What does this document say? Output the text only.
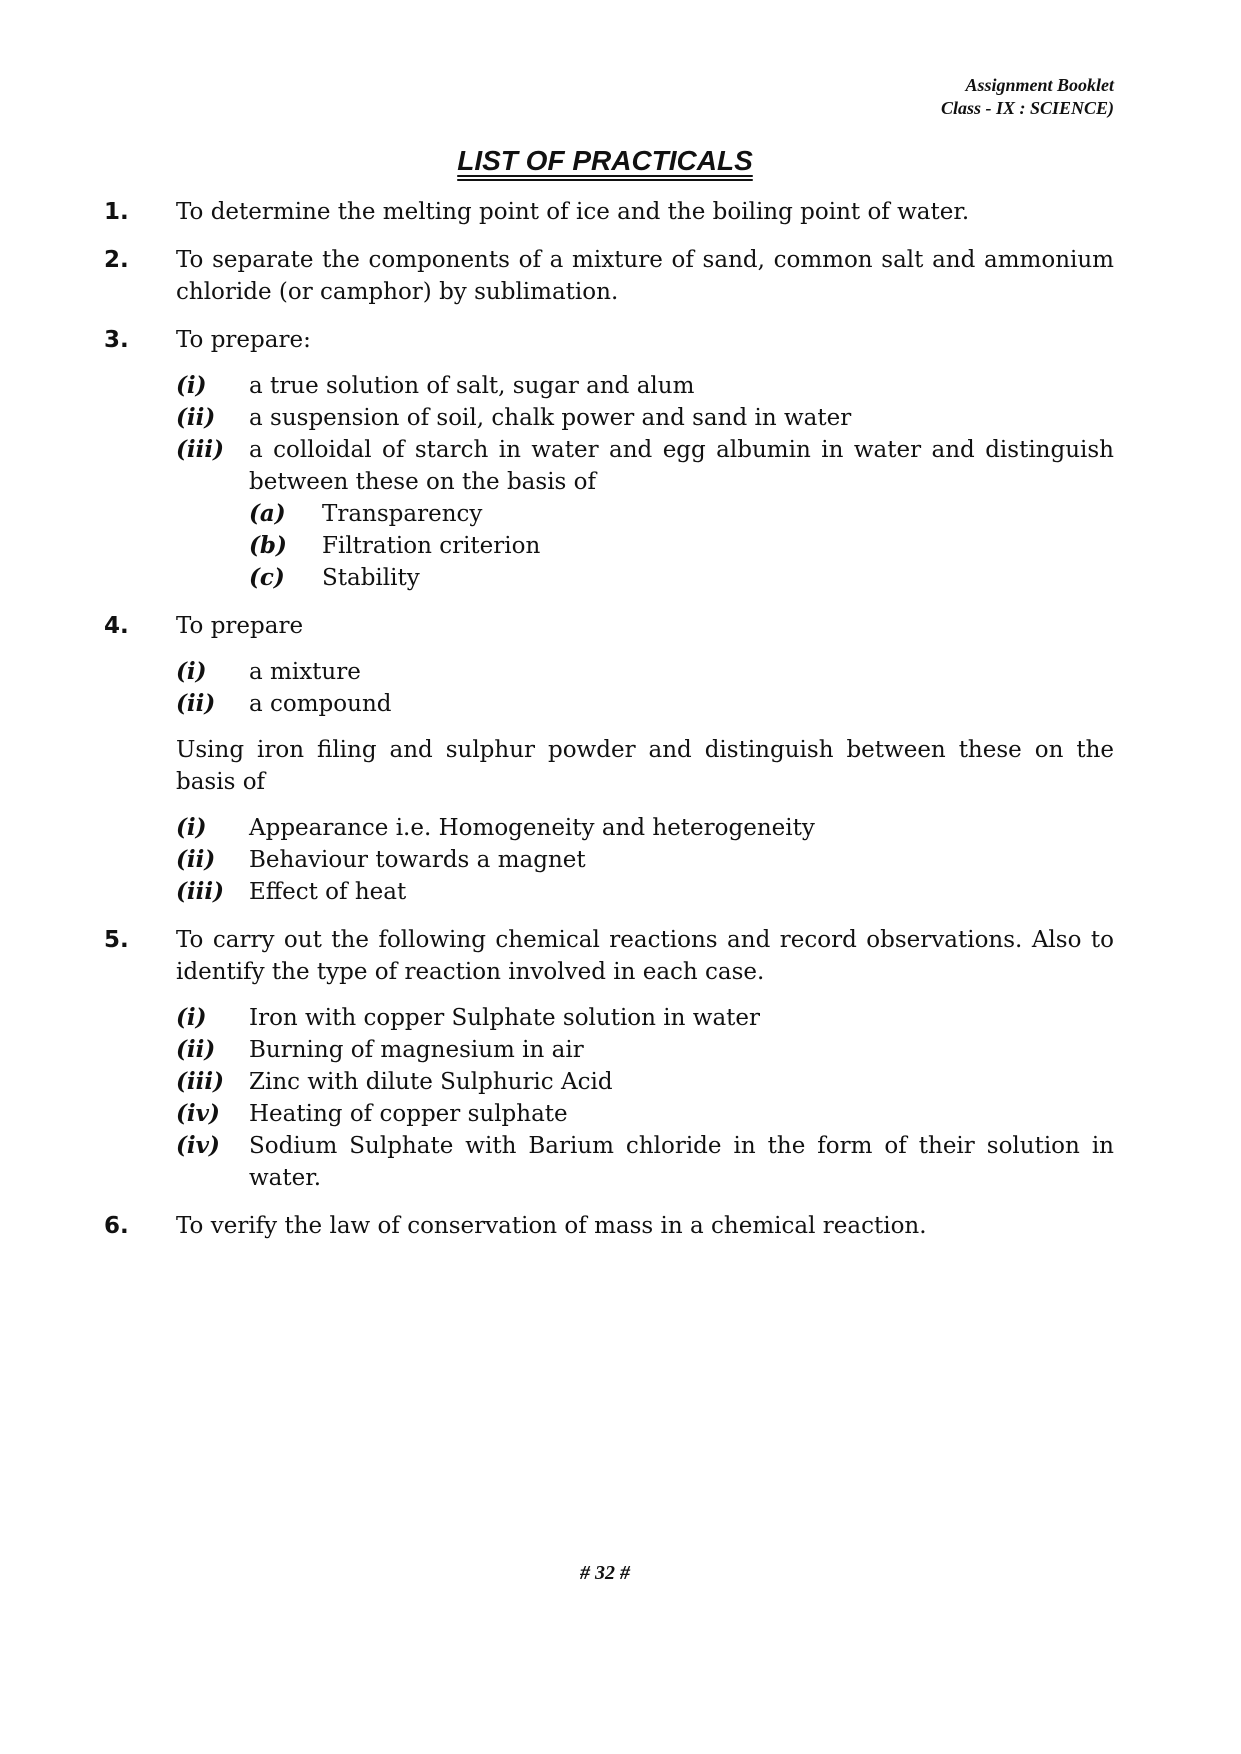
Assignment Booklet
Class - IX : SCIENCE)
LIST OF PRACTICALS
1. To determine the melting point of ice and the boiling point of water.
2. To separate the components of a mixture of sand, common salt and ammonium chloride (or camphor) by sublimation.
3. To prepare:
(i) a true solution of salt, sugar and alum
(ii) a suspension of soil, chalk power and sand in water
(iii) a colloidal of starch in water and egg albumin in water and distinguish between these on the basis of
(a) Transparency
(b) Filtration criterion
(c) Stability
4. To prepare
(i) a mixture
(ii) a compound

Using iron filing and sulphur powder and distinguish between these on the basis of

(i) Appearance i.e. Homogeneity and heterogeneity
(ii) Behaviour towards a magnet
(iii) Effect of heat
5. To carry out the following chemical reactions and record observations. Also to identify the type of reaction involved in each case.
(i) Iron with copper Sulphate solution in water
(ii) Burning of magnesium in air
(iii) Zinc with dilute Sulphuric Acid
(iv) Heating of copper sulphate
(iv) Sodium Sulphate with Barium chloride in the form of their solution in water.
6. To verify the law of conservation of mass in a chemical reaction.
# 32 #
